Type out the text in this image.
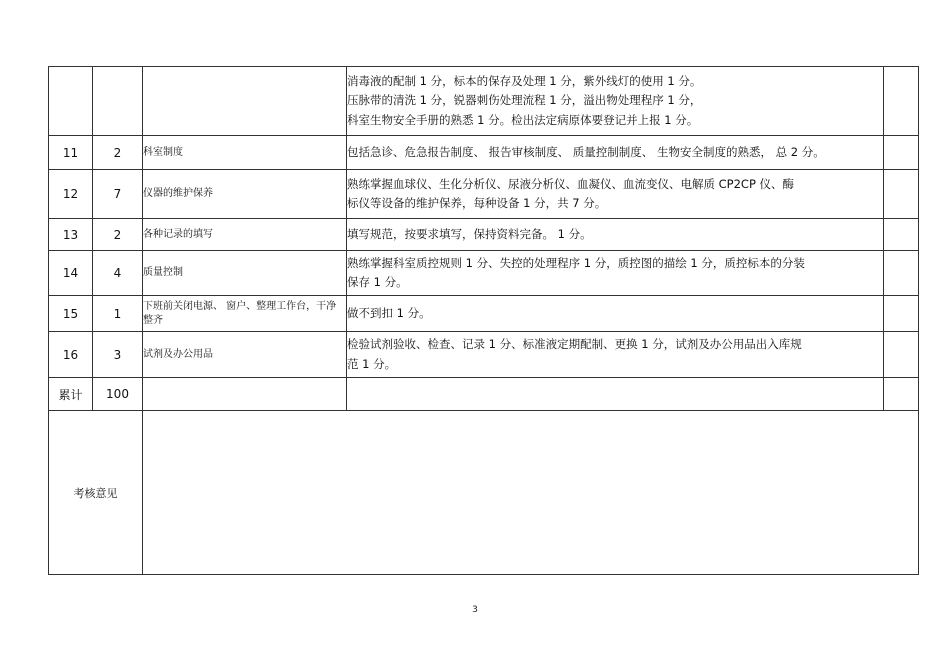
			消毒液的配制 1 分，标本的保存及处理 1 分，紫外线灯的使用 1 分。
压脉带的清洗 1 分，锐器刺伤处理流程 1 分，溢出物处理程序 1 分，
科室生物安全手册的熟悉 1 分。检出法定病原体要登记并上报 1 分。	

11	2	科室制度	包括急诊、危急报告制度、 报告审核制度、 质量控制制度、 生物安全制度的熟悉， 总 2 分。	

12	7	仪器的维护保养	熟练掌握血球仪、生化分析仪、尿液分析仪、血凝仪、血流变仪、电解质 CP2CP 仪、酶
标仪等设备的维护保养，每种设备 1 分，共 7 分。	

13	2	各种记录的填写	填写规范，按要求填写，保持资料完备。 1 分。	

14	4	质量控制	熟练掌握科室质控规则 1 分、失控的处理程序 1 分，质控图的描绘 1 分，质控标本的分装
保存 1 分。	

15	1	下班前关闭电源、 窗户、整理工作台，干净整齐	做不到扣 1 分。	

16	3	试剂及办公用品	检验试剂验收、检查、记录 1 分、标准液定期配制、更换 1 分，试剂及办公用品出入库规
范 1 分。	

累计	100			
考核意见				
3
